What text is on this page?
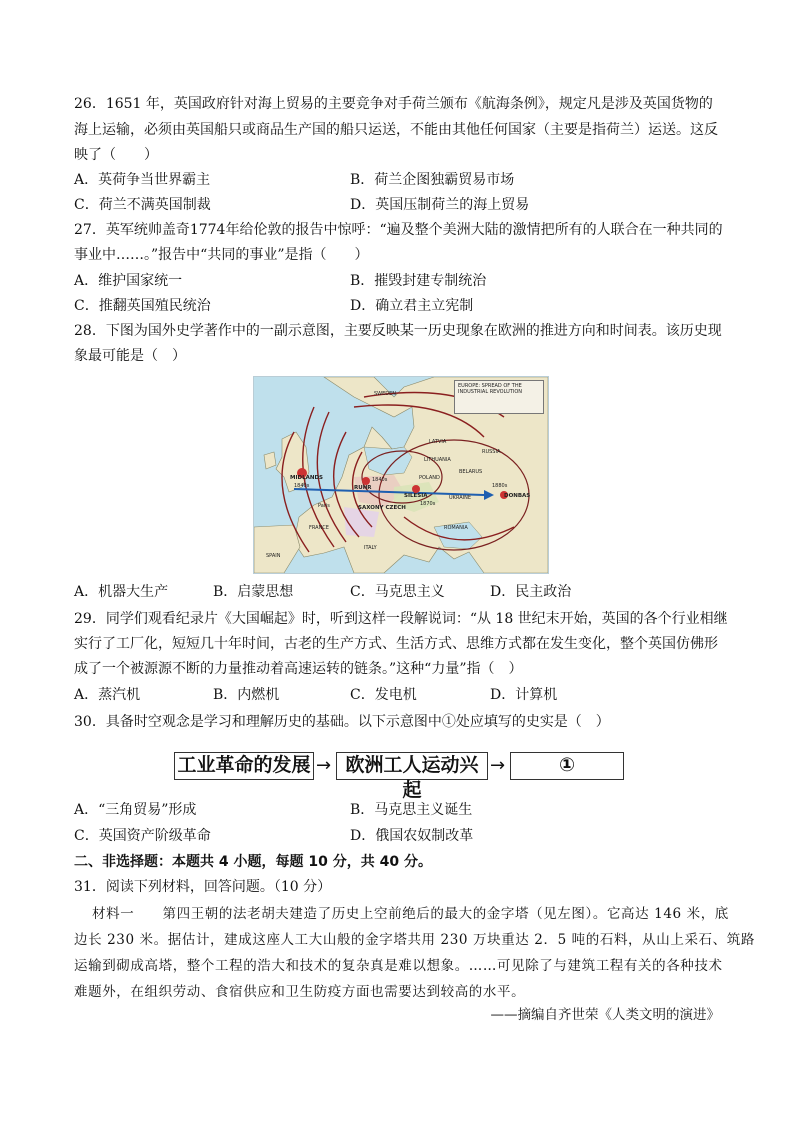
26．1651 年，英国政府针对海上贸易的主要竞争对手荷兰颁布《航海条例》，规定凡是涉及英国货物的
海上运输，必须由英国船只或商品生产国的船只运送，不能由其他任何国家（主要是指荷兰）运送。这反
映了（　　）
A．英荷争当世界霸主	B．荷兰企图独霸贸易市场
C．荷兰不满英国制裁	D．英国压制荷兰的海上贸易
27．英军统帅盖奇1774年给伦敦的报告中惊呼：“遍及整个美洲大陆的激情把所有的人联合在一种共同的
事业中……。”报告中“共同的事业”是指（　　）
A．维护国家统一	B．摧毁封建专制统治
C．推翻英国殖民统治	D．确立君主立宪制
28．下图为国外史学著作中的一副示意图，主要反映某一历史现象在欧洲的推进方向和时间表。该历史现
象最可能是（　）
EUROPE: SPREAD OF THE
INDUSTRIAL REVOLUTION
SWEDEN
RUSSIA
LATVIA
LITHUANIA
POLAND
BELARUS
UKRAINE
MIDLANDS
1840s	RUHR
1840s
SILESIA
1870s
SAXONY CZECH
DONBAS
1880s
FRANCE
Paris
SPAIN
ITALY
ROMANIA
A．机器大生产	B．启蒙思想	C．马克思主义	D．民主政治
29．同学们观看纪录片《大国崛起》时，听到这样一段解说词：“从 18 世纪末开始，英国的各个行业相继
实行了工厂化，短短几十年时间，古老的生产方式、生活方式、思维方式都在发生变化，整个英国仿佛形
成了一个被源源不断的力量推动着高速运转的链条。”这种“力量”指（　）
A．蒸汽机	B．内燃机	C．发电机	D．计算机
30．具备时空观念是学习和理解历史的基础。以下示意图中①处应填写的史实是（　）
工业革命的发展 → 欧洲工人运动兴起
→	①
A．“三角贸易”形成	B．马克思主义诞生
C．英国资产阶级革命	D．俄国农奴制改革
二、非选择题：本题共 4 小题，每题 10 分，共 40 分。
31．阅读下列材料，回答问题。（10 分）
材料一　　第四王朝的法老胡夫建造了历史上空前绝后的最大的金字塔（见左图）。它高达 146 米，底
边长 230 米。据估计，建成这座人工大山般的金字塔共用 230 万块重达 2．5 吨的石料，从山上采石、筑路
运输到砌成高塔，整个工程的浩大和技术的复杂真是难以想象。……可见除了与建筑工程有关的各种技术
难题外，在组织劳动、食宿供应和卫生防疫方面也需要达到较高的水平。
——摘编自齐世荣《人类文明的演进》
